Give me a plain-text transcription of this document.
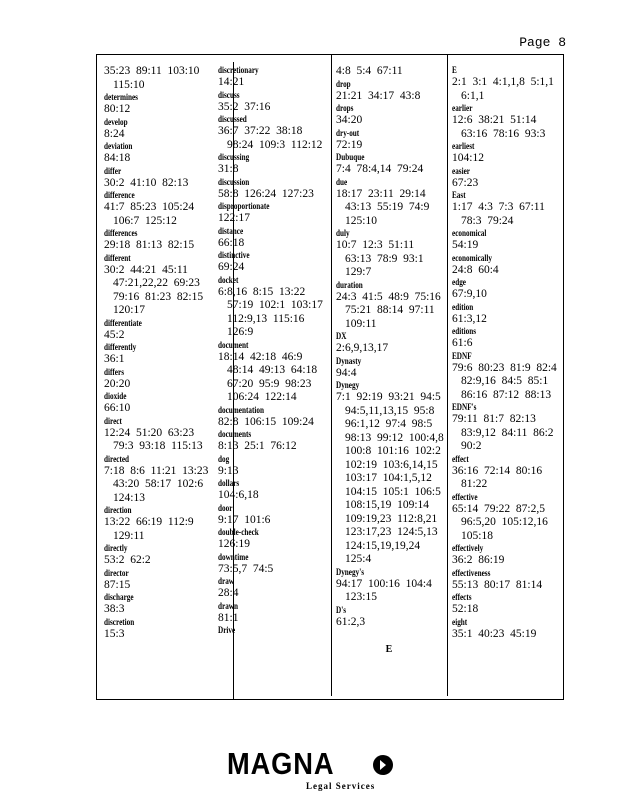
Page 8
35:23  89:11  103:10
115:10
determines
80:12
develop
8:24
deviation
84:18
differ
30:2  41:10  82:13
difference
41:7  85:23  105:24
106:7  125:12
differences
29:18  81:13  82:15
different
30:2  44:21  45:11
47:21,22,22  69:23
79:16  81:23  82:15
120:17
differentiate
45:2
differently
36:1
differs
20:20
dioxide
66:10
direct
12:24  51:20  63:23
79:3  93:18  115:13
directed
7:18  8:6  11:21  13:23
43:20  58:17  102:6
124:13
direction
13:22  66:19  112:9
129:11
directly
53:2  62:2
director
87:15
discharge
38:3
discretion
15:3
discretionary
14:21
discuss
35:2  37:16
discussed
36:7  37:22  38:18
98:24  109:3  112:12
discussing
31:8
discussion
58:8  126:24  127:23
disproportionate
122:17
distance
66:18
distinctive
69:24
docket
6:8,16  8:15  13:22
57:19  102:1  103:17
112:9,13  115:16
126:9
document
18:14  42:18  46:9
48:14  49:13  64:18
67:20  95:9  98:23
106:24  122:14
documentation
82:8  106:15  109:24
documents
8:13  25:1  76:12
dog
9:13
dollars
104:6,18
door
9:17  101:6
double-check
126:19
downtime
73:5,7  74:5
draw
28:4
drawn
81:1
Drive
4:8  5:4  67:11
drop
21:21  34:17  43:8
drops
34:20
dry-out
72:19
Dubuque
7:4  78:4,14  79:24
due
18:17  23:11  29:14
43:13  55:19  74:9
125:10
duly
10:7  12:3  51:11
63:13  78:9  93:1
129:7
duration
24:3  41:5  48:9  75:16
75:21  88:14  97:11
109:11
DX
2:6,9,13,17
Dynasty
94:4
Dynegy
7:1  92:19  93:21  94:5
94:5,11,13,15  95:8
96:1,12  97:4  98:5
98:13  99:12  100:4,8
100:8  101:16  102:2
102:19  103:6,14,15
103:17  104:1,5,12
104:15  105:1  106:5
108:15,19  109:14
109:19,23  112:8,21
123:17,23  124:5,13
124:15,19,19,24
125:4
Dynegy's
94:17  100:16  104:4
123:15
D's
61:2,3
E
E
2:1  3:1  4:1,1,8  5:1,1
6:1,1
earlier
12:6  38:21  51:14
63:16  78:16  93:3
earliest
104:12
easier
67:23
East
1:17  4:3  7:3  67:11
78:3  79:24
economical
54:19
economically
24:8  60:4
edge
67:9,10
edition
61:3,12
editions
61:6
EDNF
79:6  80:23  81:9  82:4
82:9,16  84:5  85:1
86:16  87:12  88:13
EDNF's
79:11  81:7  82:13
83:9,12  84:11  86:2
90:2
effect
36:16  72:14  80:16
81:22
effective
65:14  79:22  87:2,5
96:5,20  105:12,16
105:18
effectively
36:2  86:19
effectiveness
55:13  80:17  81:14
effects
52:18
eight
35:1  40:23  45:19
MAGNA
Legal Services
